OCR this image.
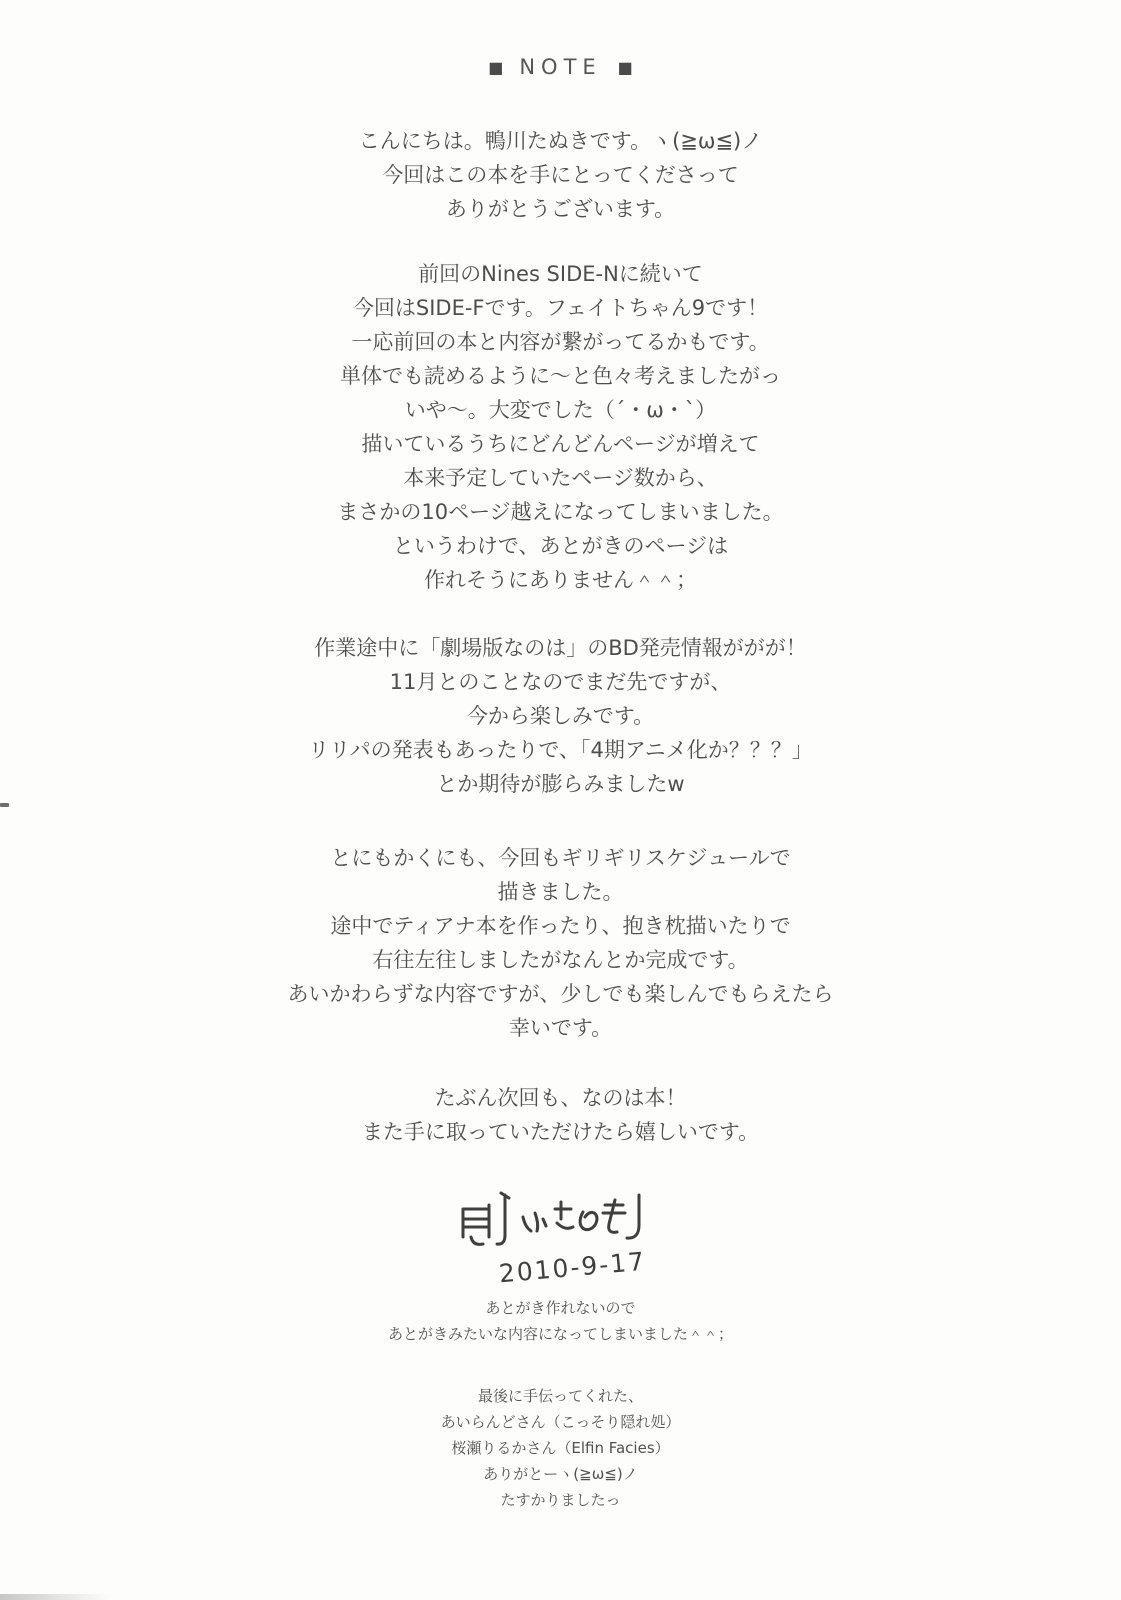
■ NOTE ■
こんにちは。鴨川たぬきです。ヽ(≧ω≦)ノ
今回はこの本を手にとってくださって
ありがとうございます。
前回のNines SIDE-Nに続いて
今回はSIDE-Fです。フェイトちゃん9です！
一応前回の本と内容が繋がってるかもです。
単体でも読めるように〜と色々考えましたがっ
いや〜。大変でした（´・ω・`）
描いているうちにどんどんページが増えて
本来予定していたページ数から、
まさかの10ページ越えになってしまいました。
というわけで、あとがきのページは
作れそうにありません＾＾；
作業途中に「劇場版なのは」のBD発売情報ががが！
11月とのことなのでまだ先ですが、
今から楽しみです。
リリパの発表もあったりで、「4期アニメ化か？？？」
とか期待が膨らみましたw
とにもかくにも、今回もギリギリスケジュールで
描きました。
途中でティアナ本を作ったり、抱き枕描いたりで
右往左往しましたがなんとか完成です。
あいかわらずな内容ですが、少しでも楽しんでもらえたら
幸いです。
たぶん次回も、なのは本！
また手に取っていただけたら嬉しいです。
2010-9-17
あとがき作れないので
あとがきみたいな内容になってしまいました＾＾；
最後に手伝ってくれた、
あいらんどさん（こっそり隠れ処）
桜瀬りるかさん（Elfin Facies）
ありがとーヽ(≧ω≦)ノ
たすかりましたっ
